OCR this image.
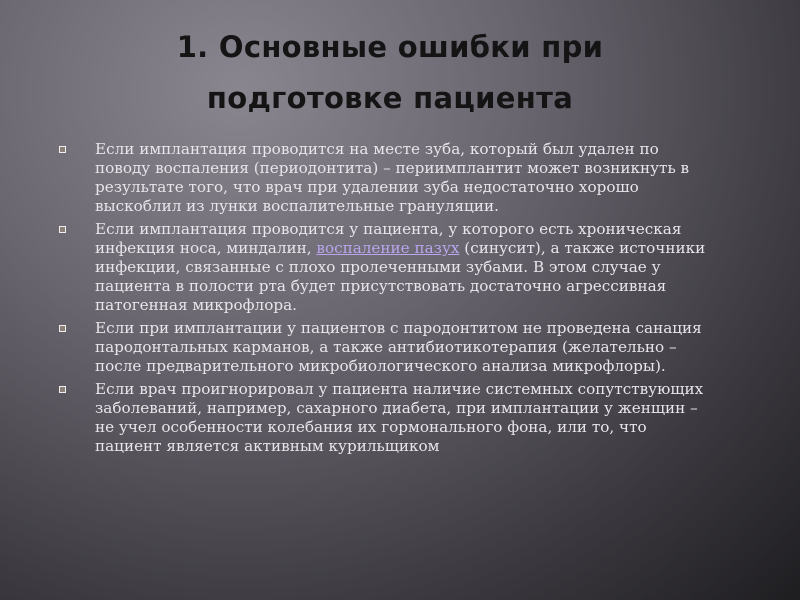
1. Основные ошибки при
подготовке пациента
Если имплантация проводится на месте зуба, который был удален по поводу воспаления (периодонтита) – периимплантит может возникнуть в результате того, что врач при удалении зуба недостаточно хорошо выскоблил из лунки воспалительные грануляции.
Если имплантация проводится у пациента, у которого есть хроническая инфекция носа, миндалин, воспаление пазух (синусит), а также источники инфекции, связанные с плохо пролеченными зубами. В этом случае у пациента в полости рта будет присутствовать достаточно агрессивная патогенная микрофлора.
Если при имплантации у пациентов с пародонтитом не проведена санация пародонтальных карманов, а также антибиотикотерапия (желательно – после предварительного микробиологического анализа микрофлоры).
Если врач проигнорировал у пациента наличие системных сопутствующих заболеваний, например, сахарного диабета, при имплантации у женщин – не учел особенности колебания их гормонального фона, или то, что пациент является активным курильщиком
